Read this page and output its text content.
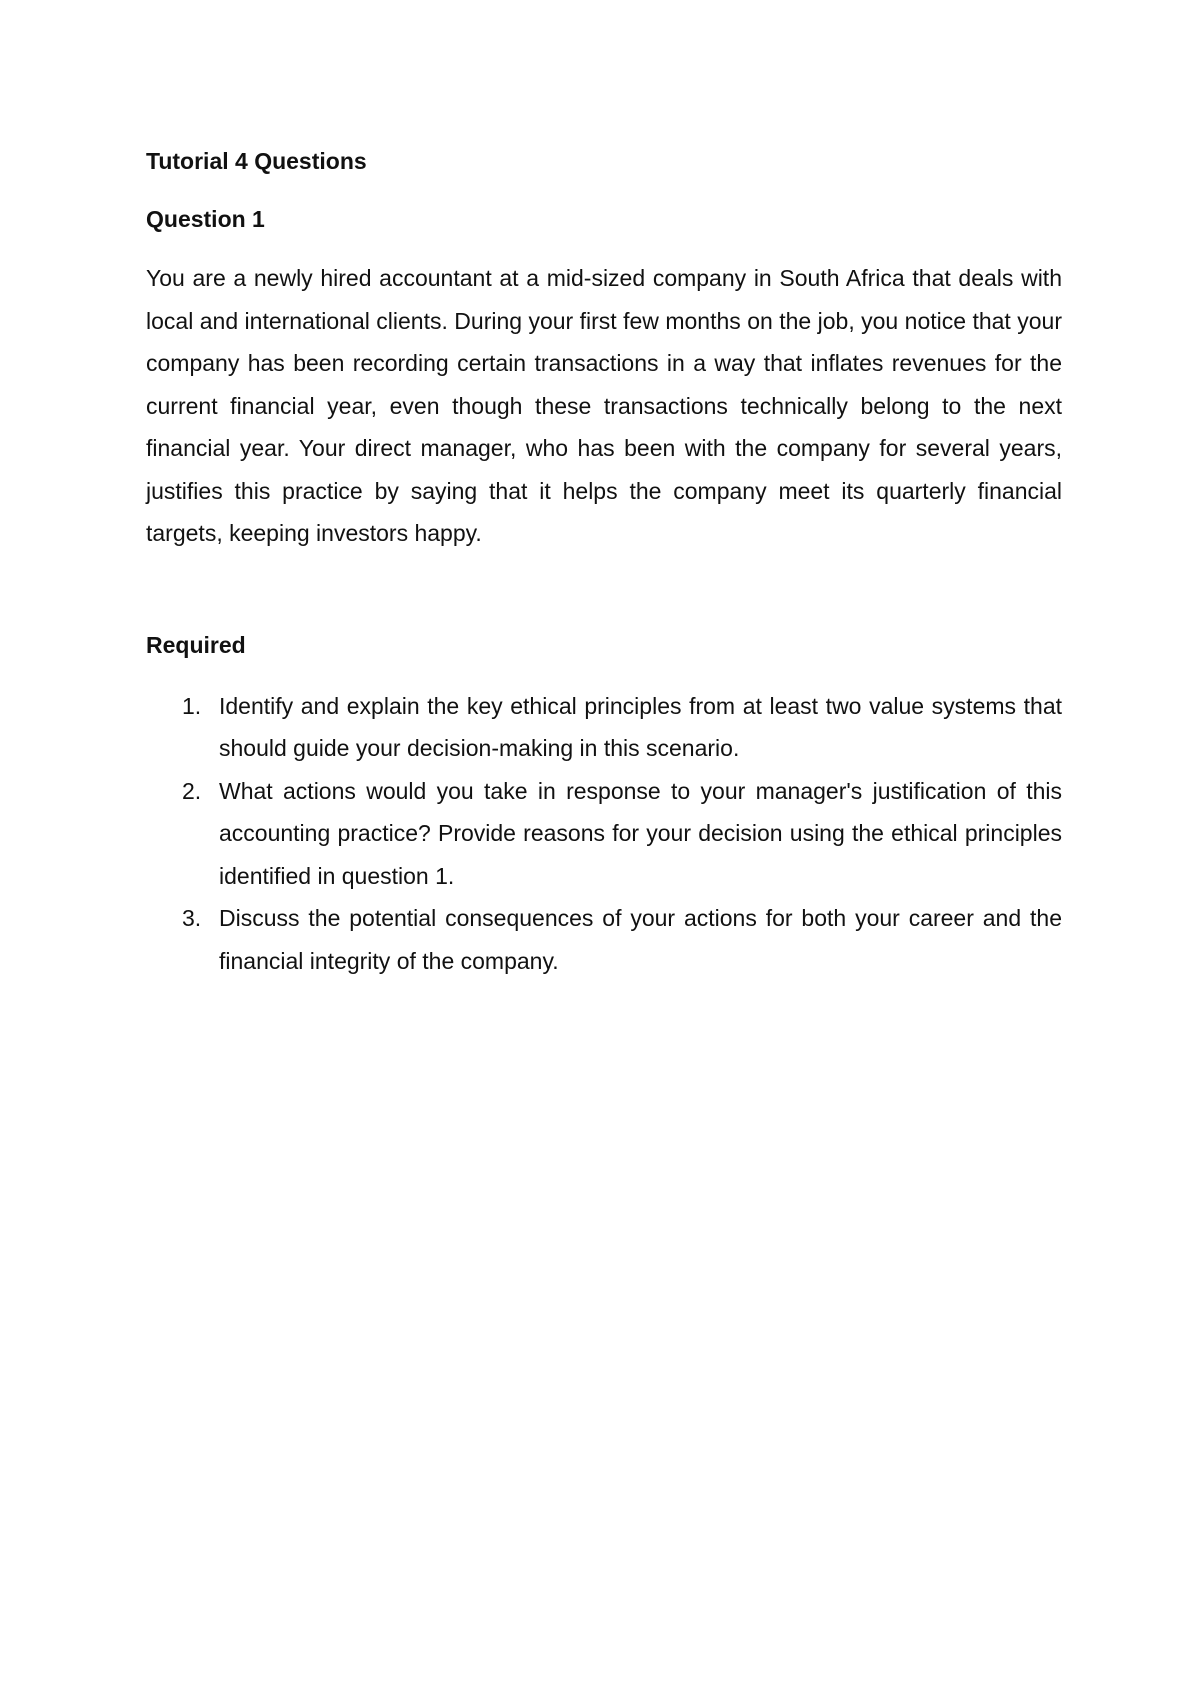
Tutorial 4 Questions
Question 1

You are a newly hired accountant at a mid-sized company in South Africa that deals with local and international clients. During your first few months on the job, you notice that your company has been recording certain transactions in a way that inflates revenues for the current financial year, even though these transactions technically belong to the next financial year. Your direct manager, who has been with the company for several years, justifies this practice by saying that it helps the company meet its quarterly financial targets, keeping investors happy.

Required
1. Identify and explain the key ethical principles from at least two value systems that should guide your decision-making in this scenario.
2. What actions would you take in response to your manager's justification of this accounting practice? Provide reasons for your decision using the ethical principles identified in question 1.
3. Discuss the potential consequences of your actions for both your career and the financial integrity of the company.
